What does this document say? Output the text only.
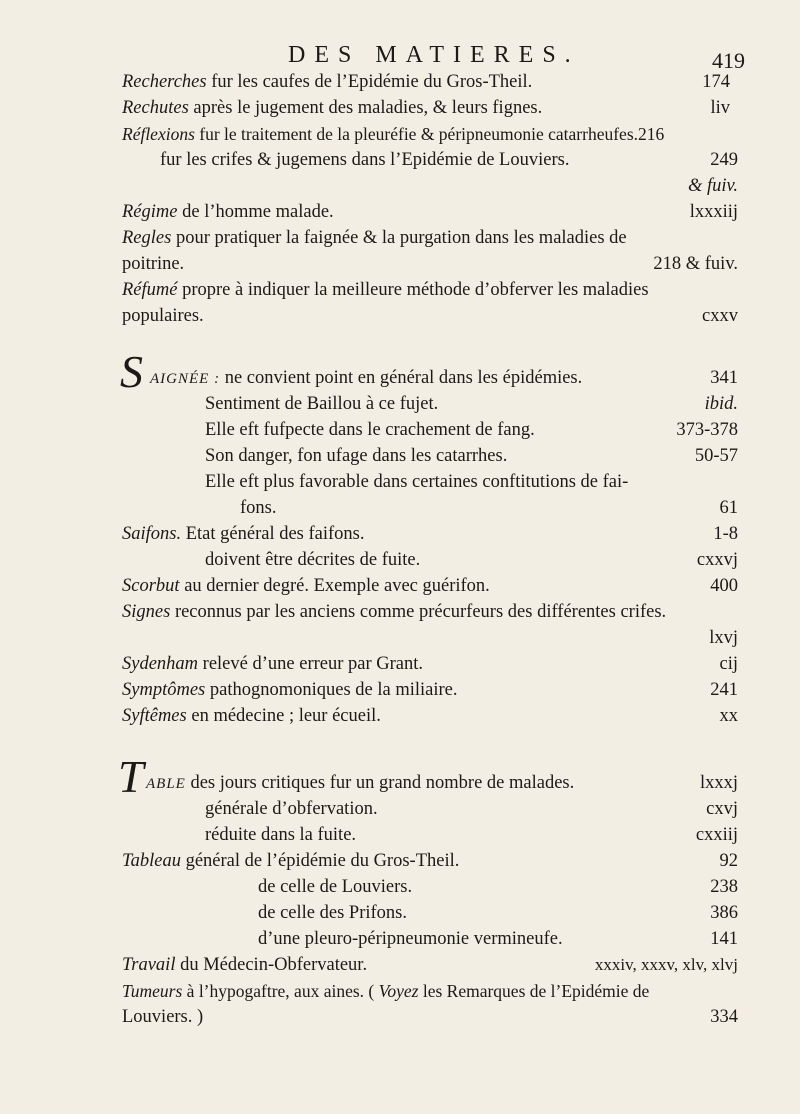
DES MATIERES.	419
Recherches fur les caufes de l’Epidémie du Gros-Theil.	174
Rechutes après le jugement des maladies, & leurs fignes.	liv
Réflexions fur le traitement de la pleuréfie & péripneumonie catarrheufes.216
fur les crifes & jugemens dans l’Epidémie de Louviers.	249
& fuiv.
Régime de l’homme malade.	lxxxiij
Regles pour pratiquer la faignée & la purgation dans les maladies de
poitrine.	218 & fuiv.
Réfumé propre à indiquer la meilleure méthode d’obferver les maladies
populaires.	cxxv
S AIGNÉE : ne convient point en général dans les épidémies.	341
Sentiment de Baillou à ce fujet.	ibid.
Elle eft fufpecte dans le crachement de fang.	373-378
Son danger, fon ufage dans les catarrhes.	50-57
Elle eft plus favorable dans certaines conftitutions de fai-
fons.	61
Saifons. Etat général des faifons.	1-8
doivent être décrites de fuite.	cxxvj
Scorbut au dernier degré. Exemple avec guérifon.	400
Signes reconnus par les anciens comme précurfeurs des différentes crifes.
lxvj
Sydenham relevé d’une erreur par Grant.	cij
Symptômes pathognomoniques de la miliaire.	241
Syftêmes en médecine ; leur écueil.	xx
T ABLE des jours critiques fur un grand nombre de malades.	lxxxj
générale d’obfervation.	cxvj
réduite dans la fuite.	cxxiij
Tableau général de l’épidémie du Gros-Theil.	92
de celle de Louviers.	238
de celle des Prifons.	386
d’une pleuro-péripneumonie vermineufe.	141
Travail du Médecin-Obfervateur.	xxxiv, xxxv, xlv, xlvj
Tumeurs à l’hypogaftre, aux aines. ( Voyez les Remarques de l’Epidémie de
Louviers. )	334
